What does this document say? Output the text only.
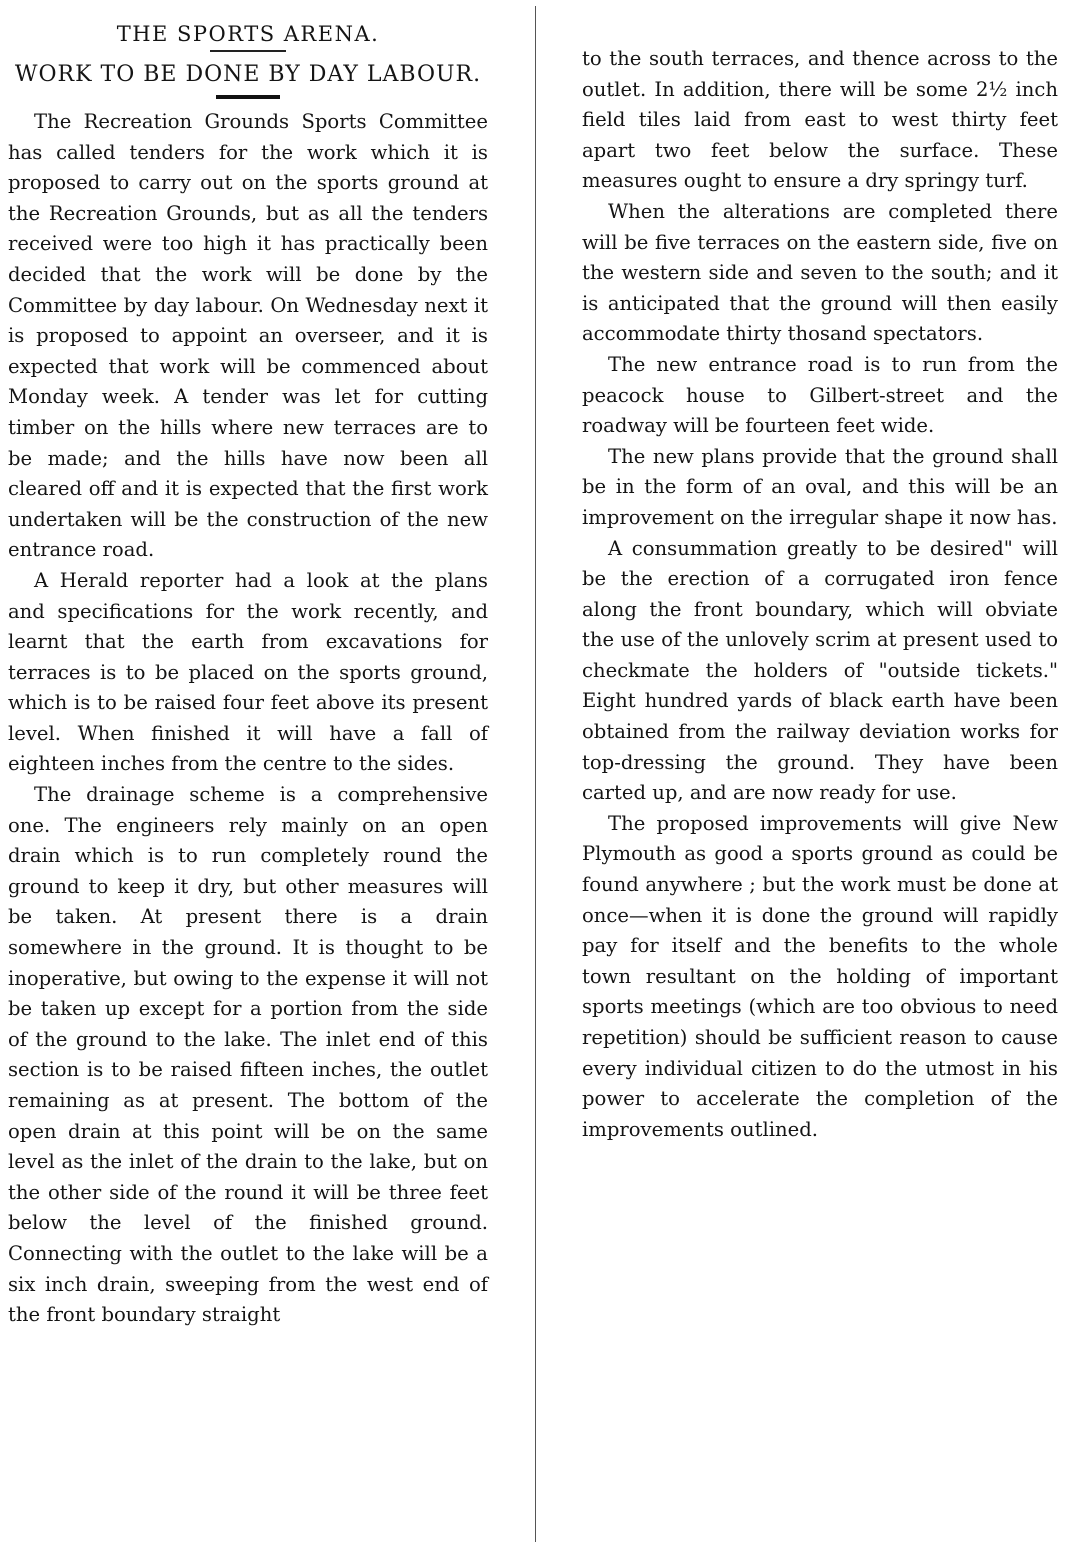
THE SPORTS ARENA.
WORK TO BE DONE BY DAY LABOUR.

The Recreation Grounds Sports Committee has called tenders for the work which it is proposed to carry out on the sports ground at the Recreation Grounds, but as all the tenders received were too high it has practically been decided that the work will be done by the Committee by day labour. On Wednesday next it is proposed to appoint an overseer, and it is expected that work will be commenced about Monday week. A tender was let for cutting timber on the hills where new terraces are to be made; and the hills have now been all cleared off and it is expected that the first work undertaken will be the construction of the new entrance road.

A Herald reporter had a look at the plans and specifications for the work recently, and learnt that the earth from excavations for terraces is to be placed on the sports ground, which is to be raised four feet above its present level. When finished it will have a fall of eighteen inches from the centre to the sides.

The drainage scheme is a comprehensive one. The engineers rely mainly on an open drain which is to run completely round the ground to keep it dry, but other measures will be taken. At present there is a drain somewhere in the ground. It is thought to be inoperative, but owing to the expense it will not be taken up except for a portion from the side of the ground to the lake. The inlet end of this section is to be raised fifteen inches, the outlet remaining as at present. The bottom of the open drain at this point will be on the same level as the inlet of the drain to the lake, but on the other side of the round it will be three feet below the level of the finished ground. Connecting with the outlet to the lake will be a six inch drain, sweeping from the west end of the front boundary straight

to the south terraces, and thence across to the outlet. In addition, there will be some 2½ inch field tiles laid from east to west thirty feet apart two feet below the surface. These measures ought to ensure a dry springy turf.

When the alterations are completed there will be five terraces on the eastern side, five on the western side and seven to the south; and it is anticipated that the ground will then easily accommodate thirty thosand spectators.

The new entrance road is to run from the peacock house to Gilbert-street and the roadway will be fourteen feet wide.

The new plans provide that the ground shall be in the form of an oval, and this will be an improvement on the irregular shape it now has.

A consummation greatly to be desired" will be the erection of a corrugated iron fence along the front boundary, which will obviate the use of the unlovely scrim at present used to checkmate the holders of "outside tickets." Eight hundred yards of black earth have been obtained from the railway deviation works for top-dressing the ground. They have been carted up, and are now ready for use.

The proposed improvements will give New Plymouth as good a sports ground as could be found anywhere ; but the work must be done at once—when it is done the ground will rapidly pay for itself and the benefits to the whole town resultant on the holding of important sports meetings (which are too obvious to need repetition) should be sufficient reason to cause every individual citizen to do the utmost in his power to accelerate the completion of the improvements outlined.
